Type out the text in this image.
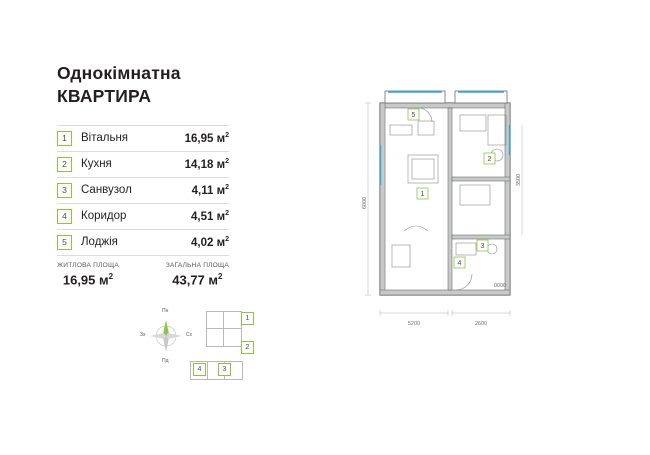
Однокімнатна
КВАРТИРА
1	Вітальня	16,95 $м^2$
2	Кухня	14,18 $м^2$
3	Санвузол	4,11 $м^2$
4	Коридор	4,51 $м^2$
5	Лоджія	4,02 $м^2$
ЖИТЛОВА ПЛОЩА
16,95 $м^2$
ЗАГАЛЬНА ПЛОЩА
43,77 $м^2$
Пн
Пд
Зх	Сх
1
2
4	3
6000
5200	2600
3500
0000
5
2
1
3
4
